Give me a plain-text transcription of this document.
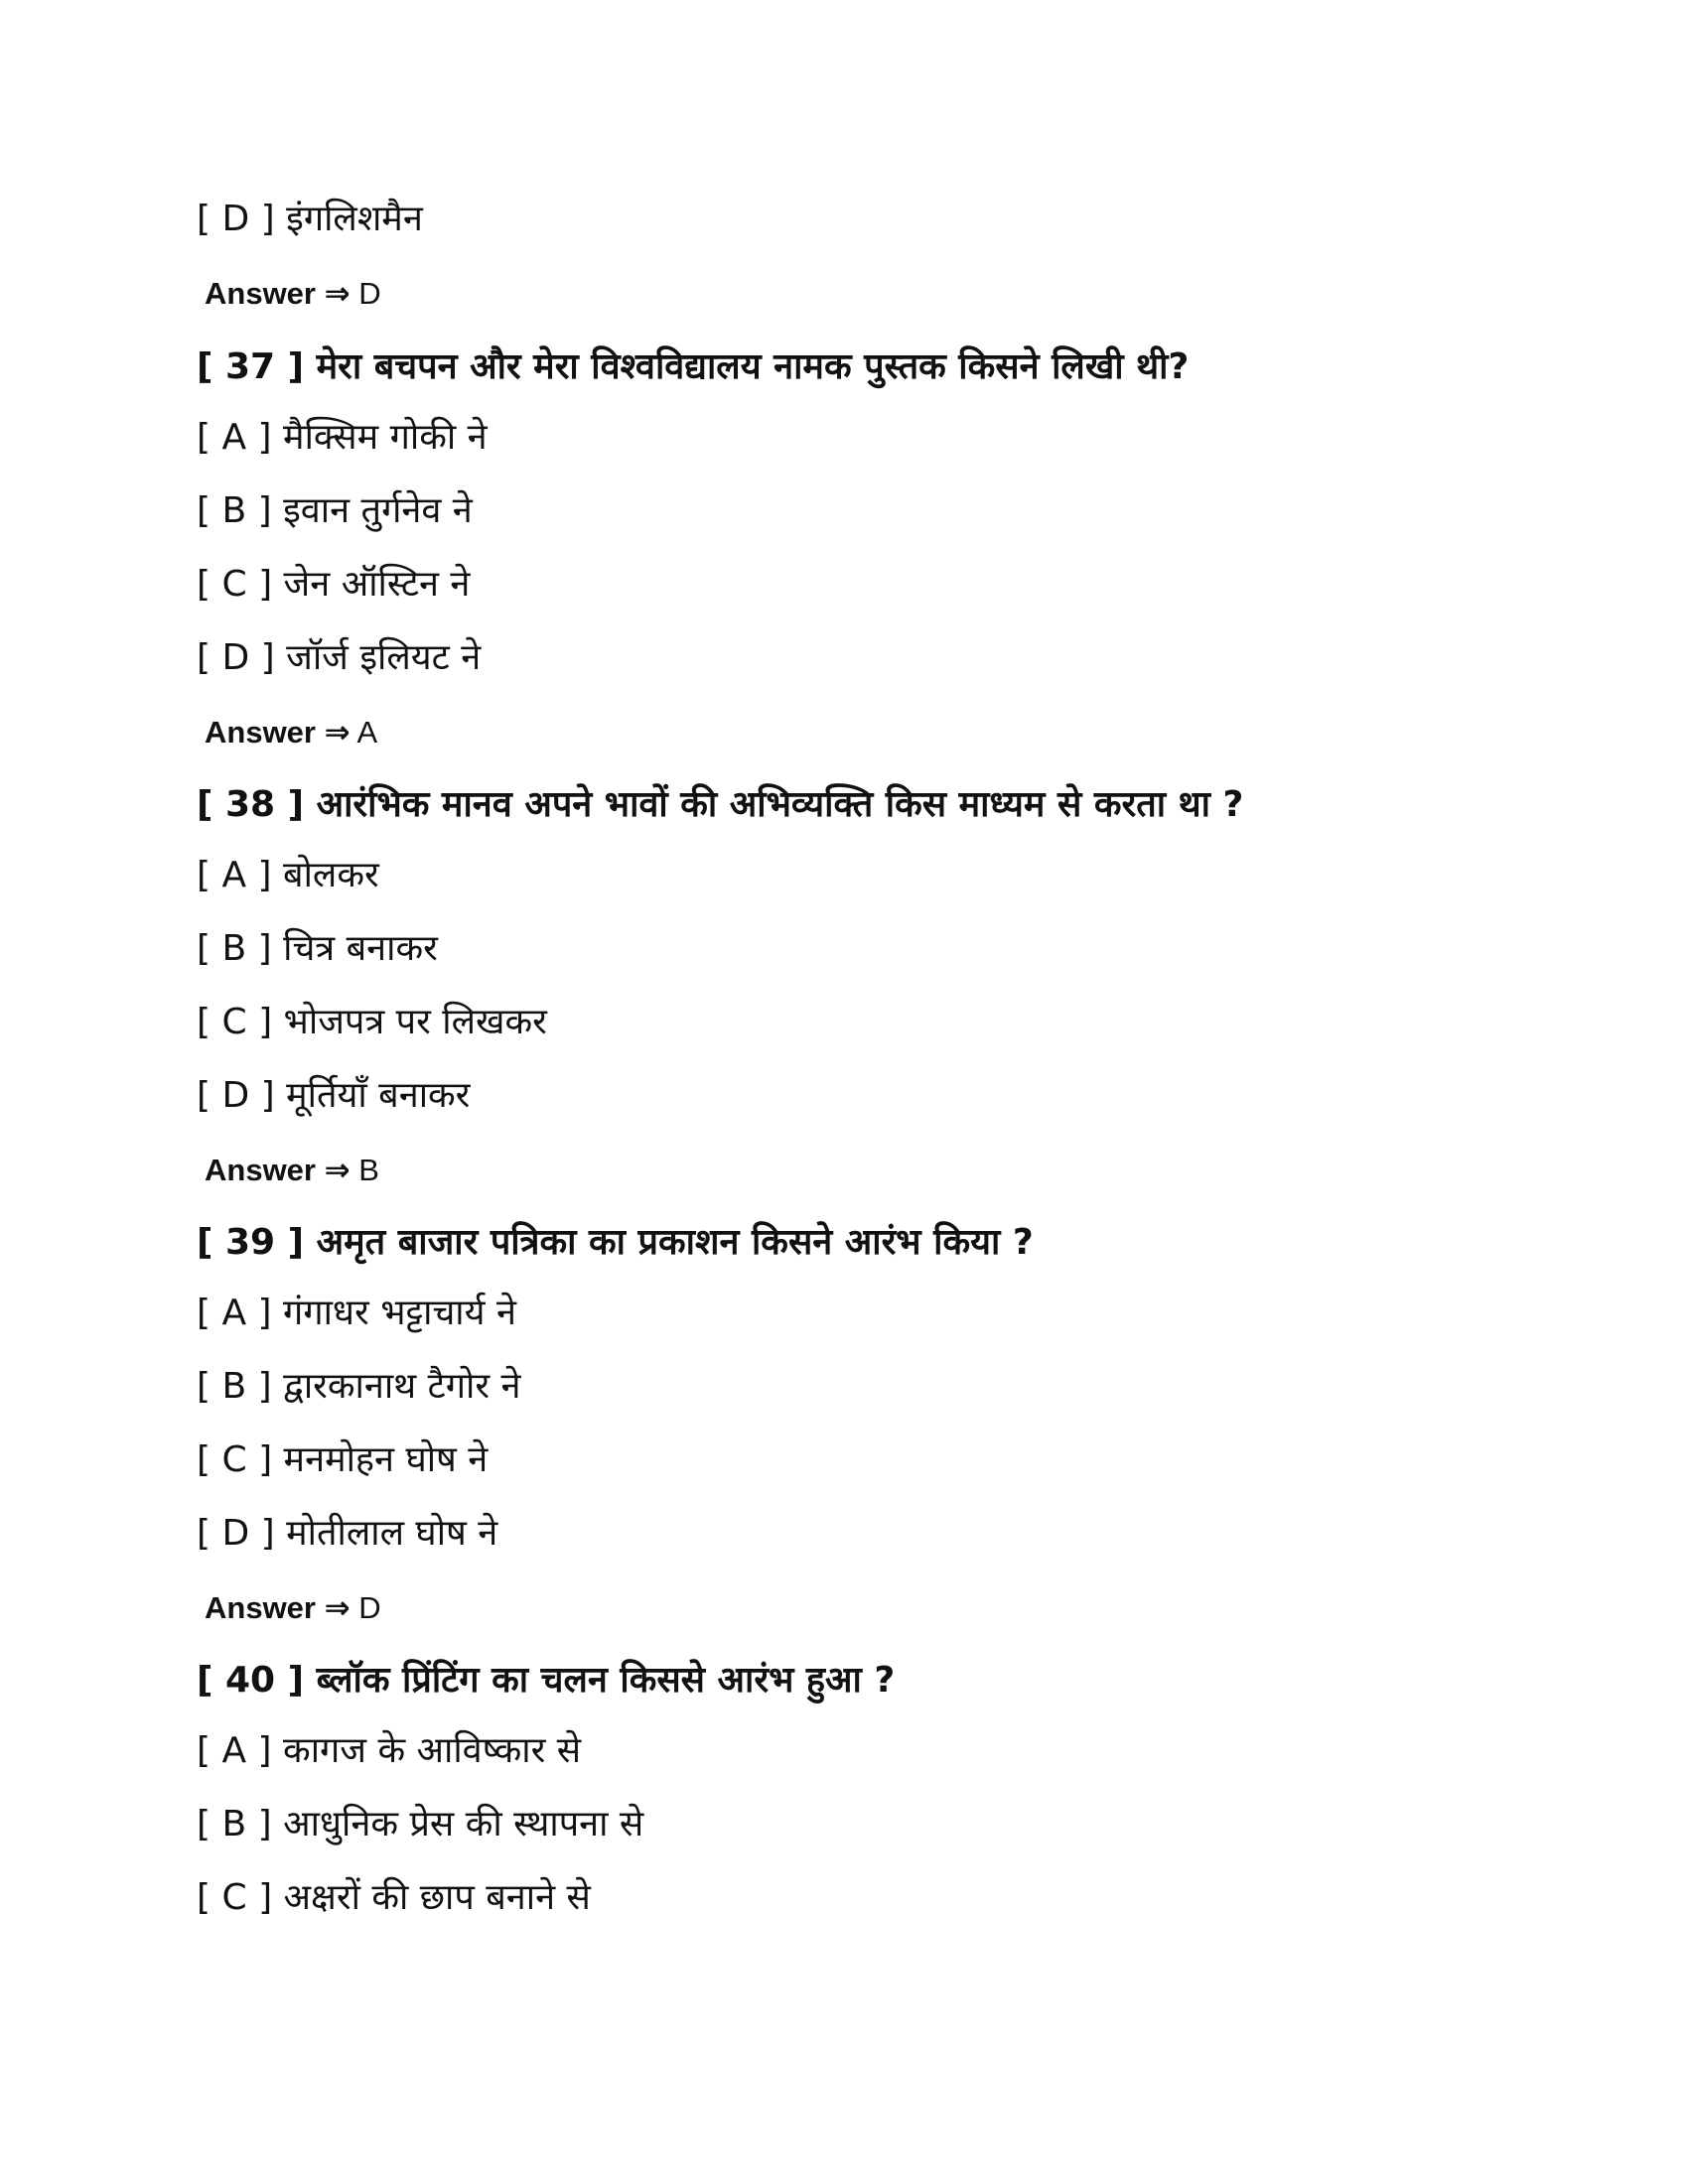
[ D ] इंगलिशमैन
Answer ⇒ D
[ 37 ] मेरा बचपन और मेरा विश्वविद्यालय नामक पुस्तक किसने लिखी थी?
[ A ] मैक्सिम गोकी ने
[ B ] इवान तुर्गनेव ने
[ C ] जेन ऑस्टिन ने
[ D ] जॉर्ज इलियट ने
Answer ⇒ A
[ 38 ] आरंभिक मानव अपने भावों की अभिव्यक्ति किस माध्यम से करता था ?
[ A ] बोलकर
[ B ] चित्र बनाकर
[ C ] भोजपत्र पर लिखकर
[ D ] मूर्तियाँ बनाकर
Answer ⇒ B
[ 39 ] अमृत बाजार पत्रिका का प्रकाशन किसने आरंभ किया ?
[ A ] गंगाधर भट्टाचार्य ने
[ B ] द्वारकानाथ टैगोर ने
[ C ] मनमोहन घोष ने
[ D ] मोतीलाल घोष ने
Answer ⇒ D
[ 40 ] ब्लॉक प्रिंटिंग का चलन किससे आरंभ हुआ ?
[ A ] कागज के आविष्कार से
[ B ] आधुनिक प्रेस की स्थापना से
[ C ] अक्षरों की छाप बनाने से
